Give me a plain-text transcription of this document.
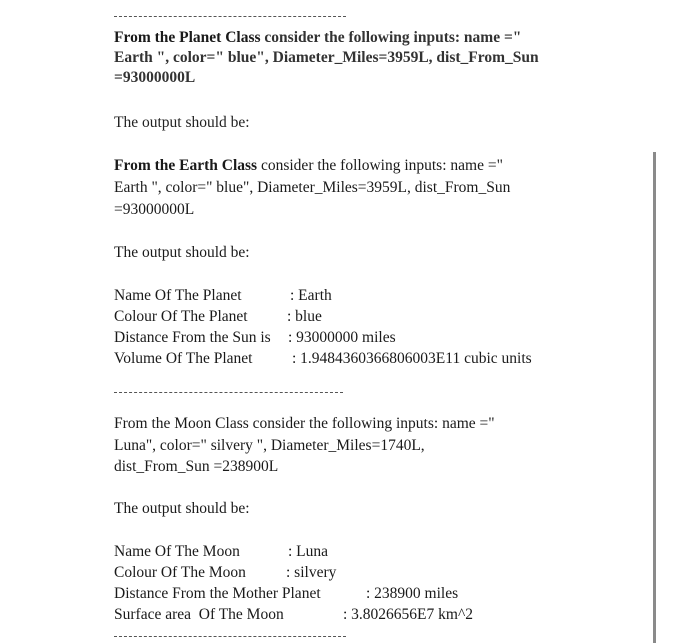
From the Planet Class consider the following inputs: name ="
Earth ", color=" blue", Diameter_Miles=3959L, dist_From_Sun
=93000000L
The output should be:
From the Earth Class consider the following inputs: name ="
Earth ", color=" blue", Diameter_Miles=3959L, dist_From_Sun
=93000000L
The output should be:
Name Of The Planet	: Earth
Colour Of The Planet	: blue
Distance From the Sun is : 93000000 miles
Volume Of The Planet	: 1.9484360366806003E11 cubic units
From the Moon Class consider the following inputs: name ="
Luna", color=" silvery ", Diameter_Miles=1740L,
dist_From_Sun =238900L
The output should be:
Name Of The Moon	: Luna
Colour Of The Moon	: silvery
Distance From the Mother Planet	: 238900 miles
Surface area  Of The Moon	: 3.8026656E7 km^2
